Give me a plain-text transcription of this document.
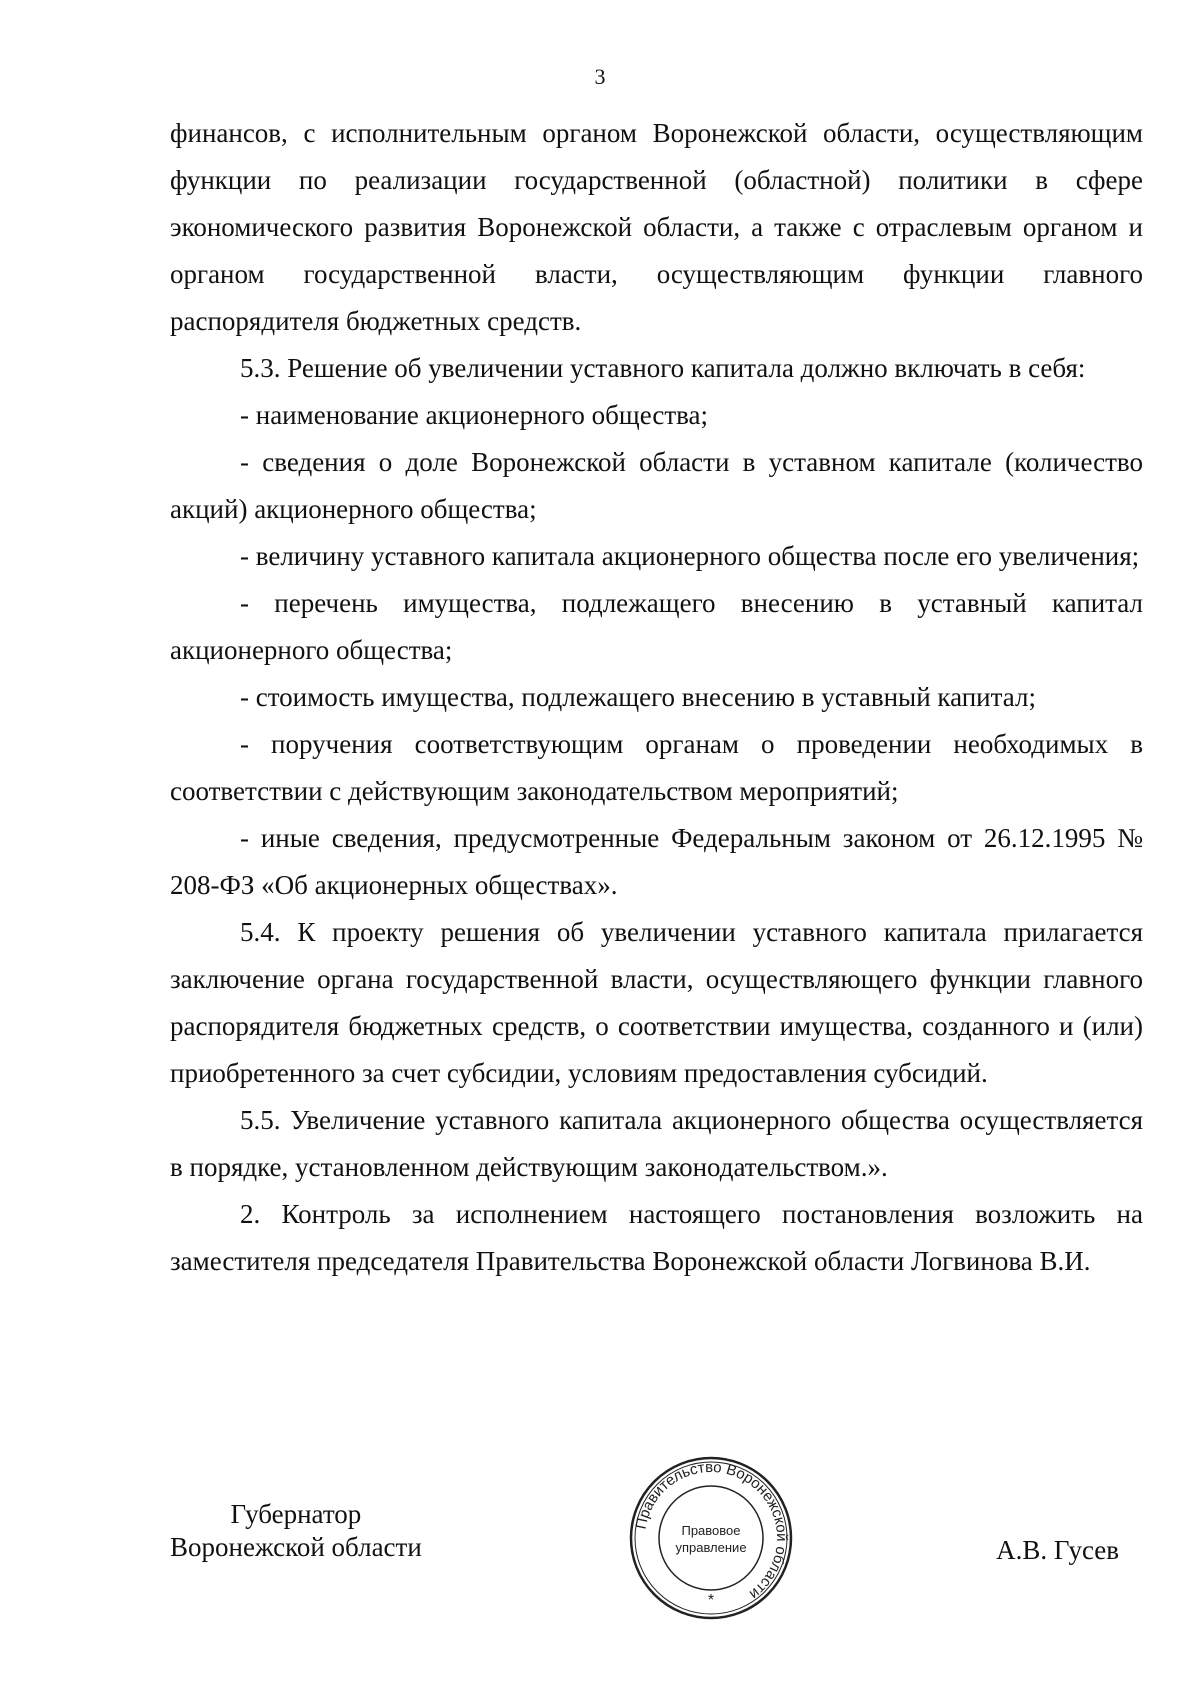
3

финансов, с исполнительным органом Воронежской области, осуществляющим функции по реализации государственной (областной) политики в сфере экономического развития Воронежской области, а также с отраслевым органом и органом государственной власти, осуществляющим функции главного распорядителя бюджетных средств.

5.3. Решение об увеличении уставного капитала должно включать в себя:

- наименование акционерного общества;

- сведения о доле Воронежской области в уставном капитале (количество акций) акционерного общества;

- величину уставного капитала акционерного общества после его увеличения;

- перечень имущества, подлежащего внесению в уставный капитал акционерного общества;

- стоимость имущества, подлежащего внесению в уставный капитал;

- поручения соответствующим органам о проведении необходимых в соответствии с действующим законодательством мероприятий;

- иные сведения, предусмотренные Федеральным законом от 26.12.1995 № 208-ФЗ «Об акционерных обществах».

5.4. К проекту решения об увеличении уставного капитала прилагается заключение органа государственной власти, осуществляющего функции главного распорядителя бюджетных средств, о соответствии имущества, созданного и (или) приобретенного за счет субсидии, условиям предоставления субсидий.

5.5. Увеличение уставного капитала акционерного общества осуществляется в порядке, установленном действующим законодательством.».

2. Контроль за исполнением настоящего постановления возложить на заместителя председателя Правительства Воронежской области Логвинова В.И.

Губернатор
Воронежской области	А.В. Гусев
Правительство Воронежской области
Правовое
управление
*
